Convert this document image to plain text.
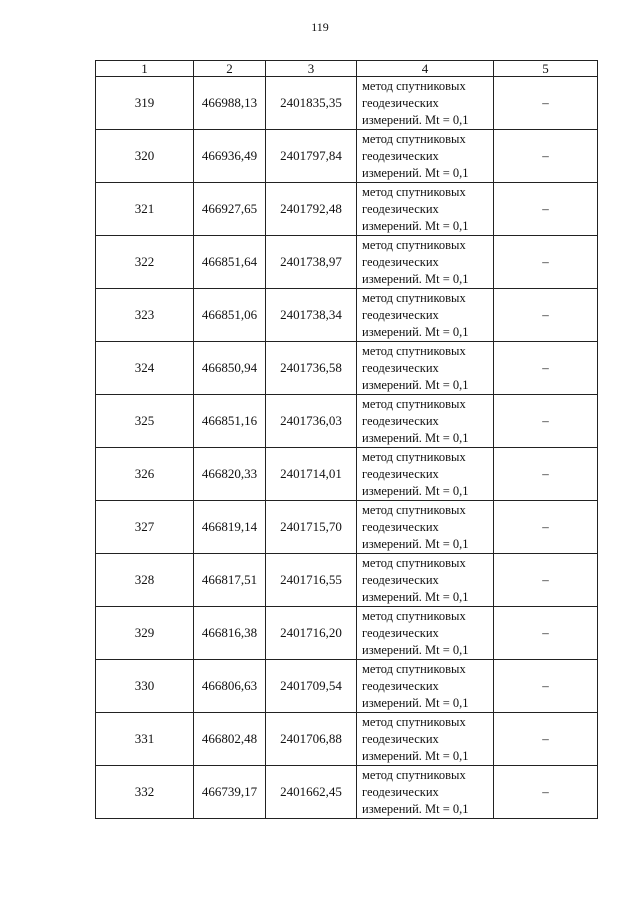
119
1	2	3	4	5
319	466988,13	2401835,35	метод спутниковых
геодезических
измерений. Mt = 0,1	–
320	466936,49	2401797,84	метод спутниковых
геодезических
измерений. Mt = 0,1	–
321	466927,65	2401792,48	метод спутниковых
геодезических
измерений. Mt = 0,1	–
322	466851,64	2401738,97	метод спутниковых
геодезических
измерений. Mt = 0,1	–
323	466851,06	2401738,34	метод спутниковых
геодезических
измерений. Mt = 0,1	–
324	466850,94	2401736,58	метод спутниковых
геодезических
измерений. Mt = 0,1	–
325	466851,16	2401736,03	метод спутниковых
геодезических
измерений. Mt = 0,1	–
326	466820,33	2401714,01	метод спутниковых
геодезических
измерений. Mt = 0,1	–
327	466819,14	2401715,70	метод спутниковых
геодезических
измерений. Mt = 0,1	–
328	466817,51	2401716,55	метод спутниковых
геодезических
измерений. Mt = 0,1	–
329	466816,38	2401716,20	метод спутниковых
геодезических
измерений. Mt = 0,1	–
330	466806,63	2401709,54	метод спутниковых
геодезических
измерений. Mt = 0,1	–
331	466802,48	2401706,88	метод спутниковых
геодезических
измерений. Mt = 0,1	–
332	466739,17	2401662,45	метод спутниковых
геодезических
измерений. Mt = 0,1	–
